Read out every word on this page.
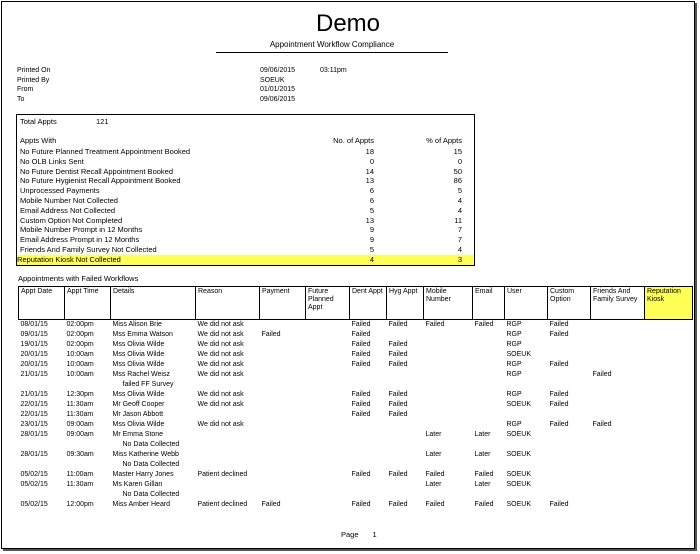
Demo
Appointment Workflow Compliance
Printed On	09/06/2015	03:11pm
Printed By	SOEUK
From	01/01/2015
To	09/06/2015
Total Appts	121
Appts With	No. of Appts	% of Appts
No Future Planned Treatment Appointment Booked	18	15
No OLB Links Sent	0	0
No Future Dentist Recall Appointment Booked	14	50
No Future Hygienist Recall Appointment Booked	13	86
Unprocessed Payments	6	5
Mobile Number Not Collected	6	4
Email Address Not Collected	5	4
Custom Option Not Completed	13	11
Mobile Number Prompt in 12 Months	9	7
Email Address Prompt in 12 Months	9	7
Friends And Family Survey Not Collected	5	4
Reputation Kiosk Not Collected	4	3
Appointments with Failed Workflows
Appt Date	Appt Time	Details	Reason	Payment	Future Planned Appt	Dent Appt	Hyg Appt	Mobile Number	Email	User	Custom Option	Friends And Family Survey	Reputation Kiosk
08/01/15	02:00pm	Miss Alison Brie	We did not ask			Failed	Failed	Failed	Failed	RGP	Failed		
09/01/15	02:00pm	Mss Emma Watson	We did not ask	Failed		Failed				RGP	Failed		
19/01/15	02:00pm	Mss Olivia Wilde	We did not ask			Failed	Failed			RGP			
20/01/15	10:00am	Mss Olivia Wilde	We did not ask			Failed	Failed			SOEUK			
20/01/15	10:00am	Mss Olivia Wilde	We did not ask			Failed	Failed			RGP	Failed		
21/01/15	10:00am	Mss Rachel Weisz	We did not ask							RGP		Failed	
		failed FF Survey											
21/01/15	12:30pm	Mss Olivia Wilde	We did not ask			Failed	Failed			RGP	Failed		
22/01/15	11:30am	Mr Geoff Cooper	We did not ask			Failed	Failed			SOEUK	Failed		
22/01/15	11:30am	Mr Jason Abbott				Failed	Failed						
23/01/15	09:00am	Mss Olivia Wilde	We did not ask							RGP	Failed	Failed	
28/01/15	09:00am	Mr Emma Stone						Later	Later	SOEUK			
		No Data Collected											
28/01/15	09:30am	Miss Katherine Webb						Later	Later	SOEUK			
		No Data Collected											
05/02/15	11:00am	Master Harry Jones	Patient declined			Failed	Failed	Failed	Failed	SOEUK			
05/02/15	11:30am	Ms Karen Gillan						Later	Later	SOEUK			
		No Data Collected											
05/02/15	12:00pm	Miss Amber Heard	Patient declined	Failed		Failed	Failed	Failed	Failed	SOEUK	Failed		
Page 1
